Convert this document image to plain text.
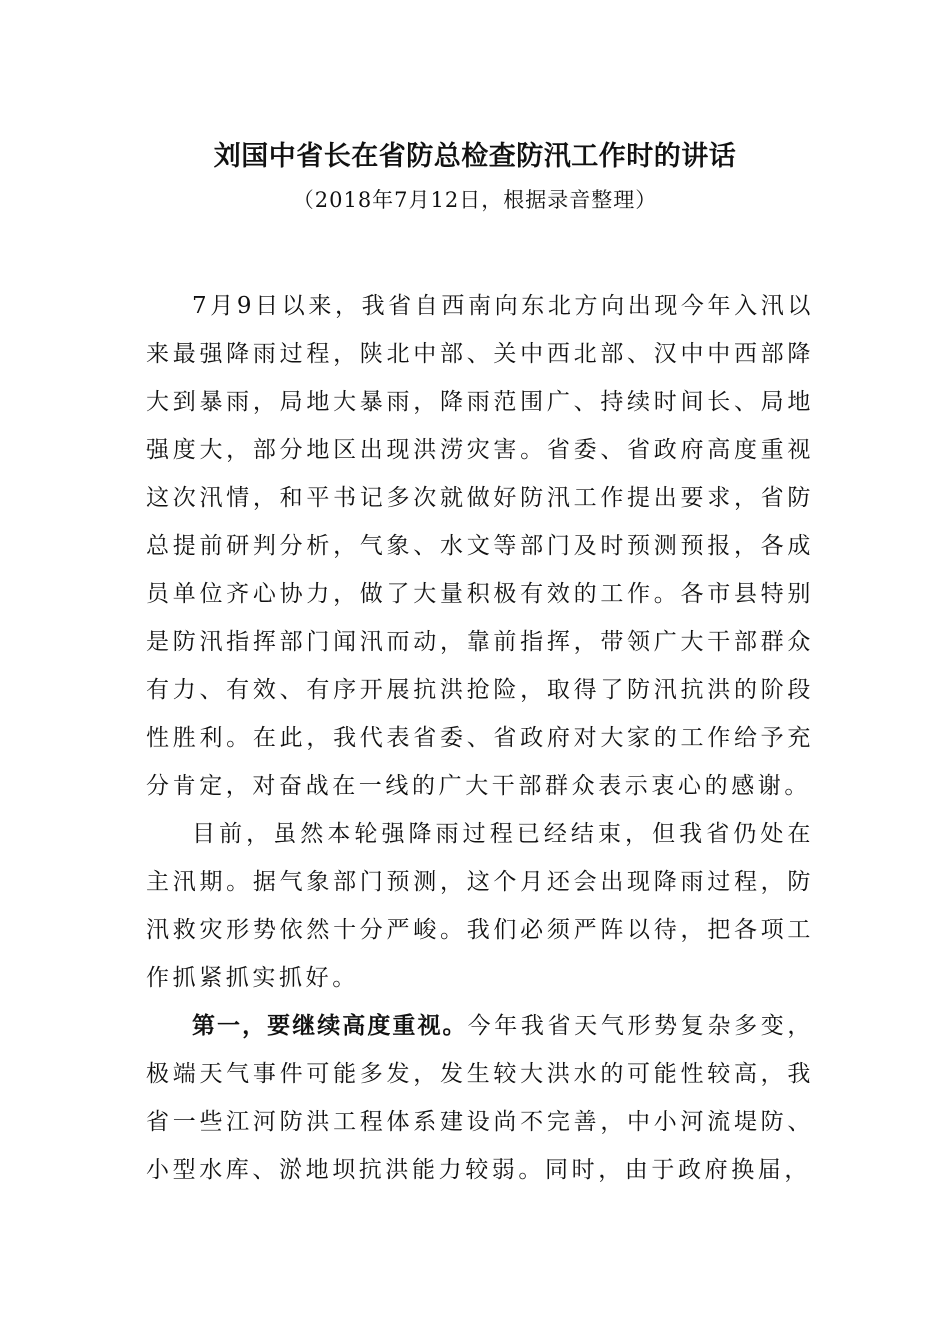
刘国中省长在省防总检查防汛工作时的讲话
（2018年7月12日，根据录音整理）

7月9日以来，我省自西南向东北方向出现今年入汛以来最强降雨过程，陕北中部、关中西北部、汉中中西部降大到暴雨，局地大暴雨，降雨范围广、持续时间长、局地强度大，部分地区出现洪涝灾害。省委、省政府高度重视这次汛情，和平书记多次就做好防汛工作提出要求，省防总提前研判分析，气象、水文等部门及时预测预报，各成员单位齐心协力，做了大量积极有效的工作。各市县特别是防汛指挥部门闻汛而动，靠前指挥，带领广大干部群众有力、有效、有序开展抗洪抢险，取得了防汛抗洪的阶段性胜利。在此，我代表省委、省政府对大家的工作给予充分肯定，对奋战在一线的广大干部群众表示衷心的感谢。

目前，虽然本轮强降雨过程已经结束，但我省仍处在主汛期。据气象部门预测，这个月还会出现降雨过程，防汛救灾形势依然十分严峻。我们必须严阵以待，把各项工作抓紧抓实抓好。

第一，要继续高度重视。今年我省天气形势复杂多变，极端天气事件可能多发，发生较大洪水的可能性较高，我省一些江河防洪工程体系建设尚不完善，中小河流堤防、小型水库、淤地坝抗洪能力较弱。同时，由于政府换届，
